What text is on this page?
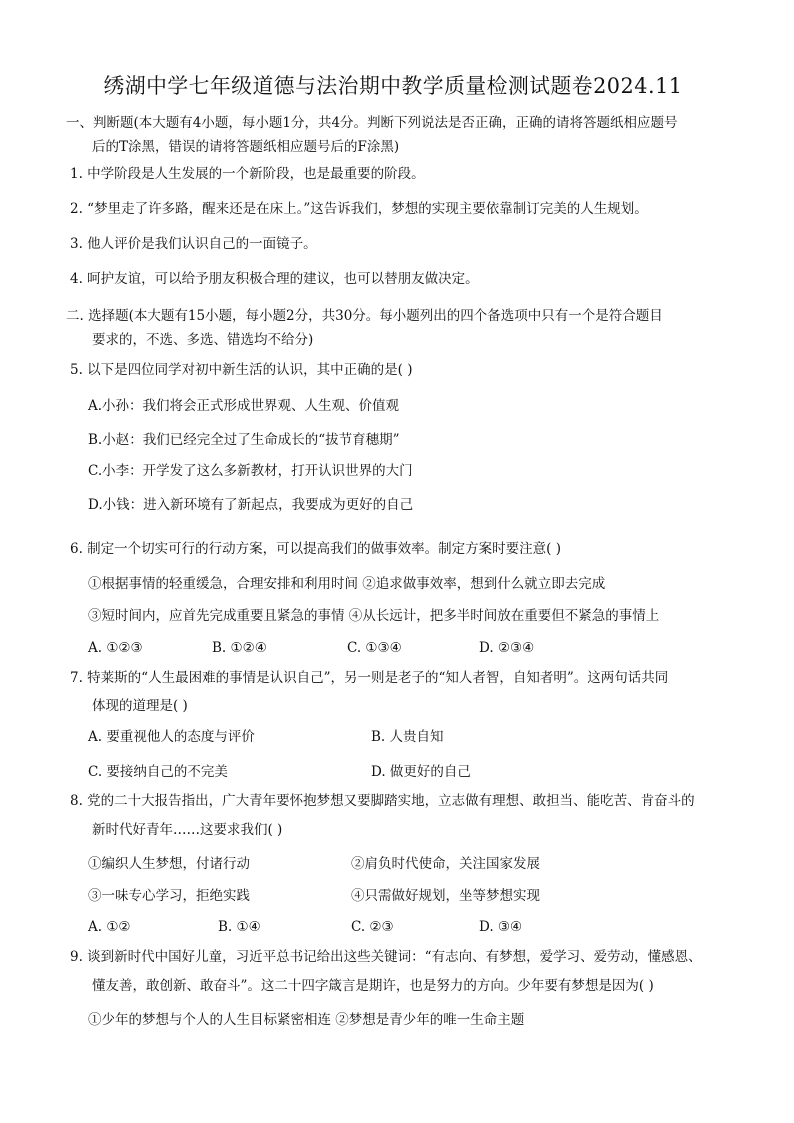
绣湖中学七年级道德与法治期中教学质量检测试题卷2024.11
一、判断题(本大题有4小题，每小题1分，共4分。判断下列说法是否正确，正确的请将答题纸相应题号
后的T涂黑，错误的请将答题纸相应题号后的F涂黑)
1. 中学阶段是人生发展的一个新阶段，也是最重要的阶段。
2. “梦里走了许多路，醒来还是在床上。”这告诉我们，梦想的实现主要依靠制订完美的人生规划。
3. 他人评价是我们认识自己的一面镜子。
4. 呵护友谊，可以给予朋友积极合理的建议，也可以替朋友做决定。
二. 选择题(本大题有15小题，每小题2分，共30分。每小题列出的四个备选项中只有一个是符合题目
要求的，不选、多选、错选均不给分)
5. 以下是四位同学对初中新生活的认识，其中正确的是( )
A.小孙：我们将会正式形成世界观、人生观、价值观
B.小赵：我们已经完全过了生命成长的“拔节育穗期”
C.小李：开学发了这么多新教材，打开认识世界的大门
D.小钱：进入新环境有了新起点，我要成为更好的自己
6. 制定一个切实可行的行动方案，可以提高我们的做事效率。制定方案时要注意( )
①根据事情的轻重缓急，合理安排和利用时间 ②追求做事效率，想到什么就立即去完成
③短时间内，应首先完成重要且紧急的事情 ④从长远计，把多半时间放在重要但不紧急的事情上
A. ①②③	B. ①②④	C. ①③④	D. ②③④
7. 特莱斯的“人生最困难的事情是认识自己”，另一则是老子的“知人者智，自知者明”。这两句话共同
体现的道理是( )
A. 要重视他人的态度与评价	B. 人贵自知
C. 要接纳自己的不完美	D. 做更好的自己
8. 党的二十大报告指出，广大青年要怀抱梦想又要脚踏实地，立志做有理想、敢担当、能吃苦、肯奋斗的
新时代好青年……这要求我们( )
①编织人生梦想，付诸行动	②肩负时代使命，关注国家发展
③一味专心学习，拒绝实践	④只需做好规划，坐等梦想实现
A. ①②	B. ①④	C. ②③	D. ③④
9. 谈到新时代中国好儿童，习近平总书记给出这些关键词：“有志向、有梦想，爱学习、爱劳动，懂感恩、
懂友善，敢创新、敢奋斗”。这二十四字箴言是期许，也是努力的方向。少年要有梦想是因为( )
①少年的梦想与个人的人生目标紧密相连 ②梦想是青少年的唯一生命主题
